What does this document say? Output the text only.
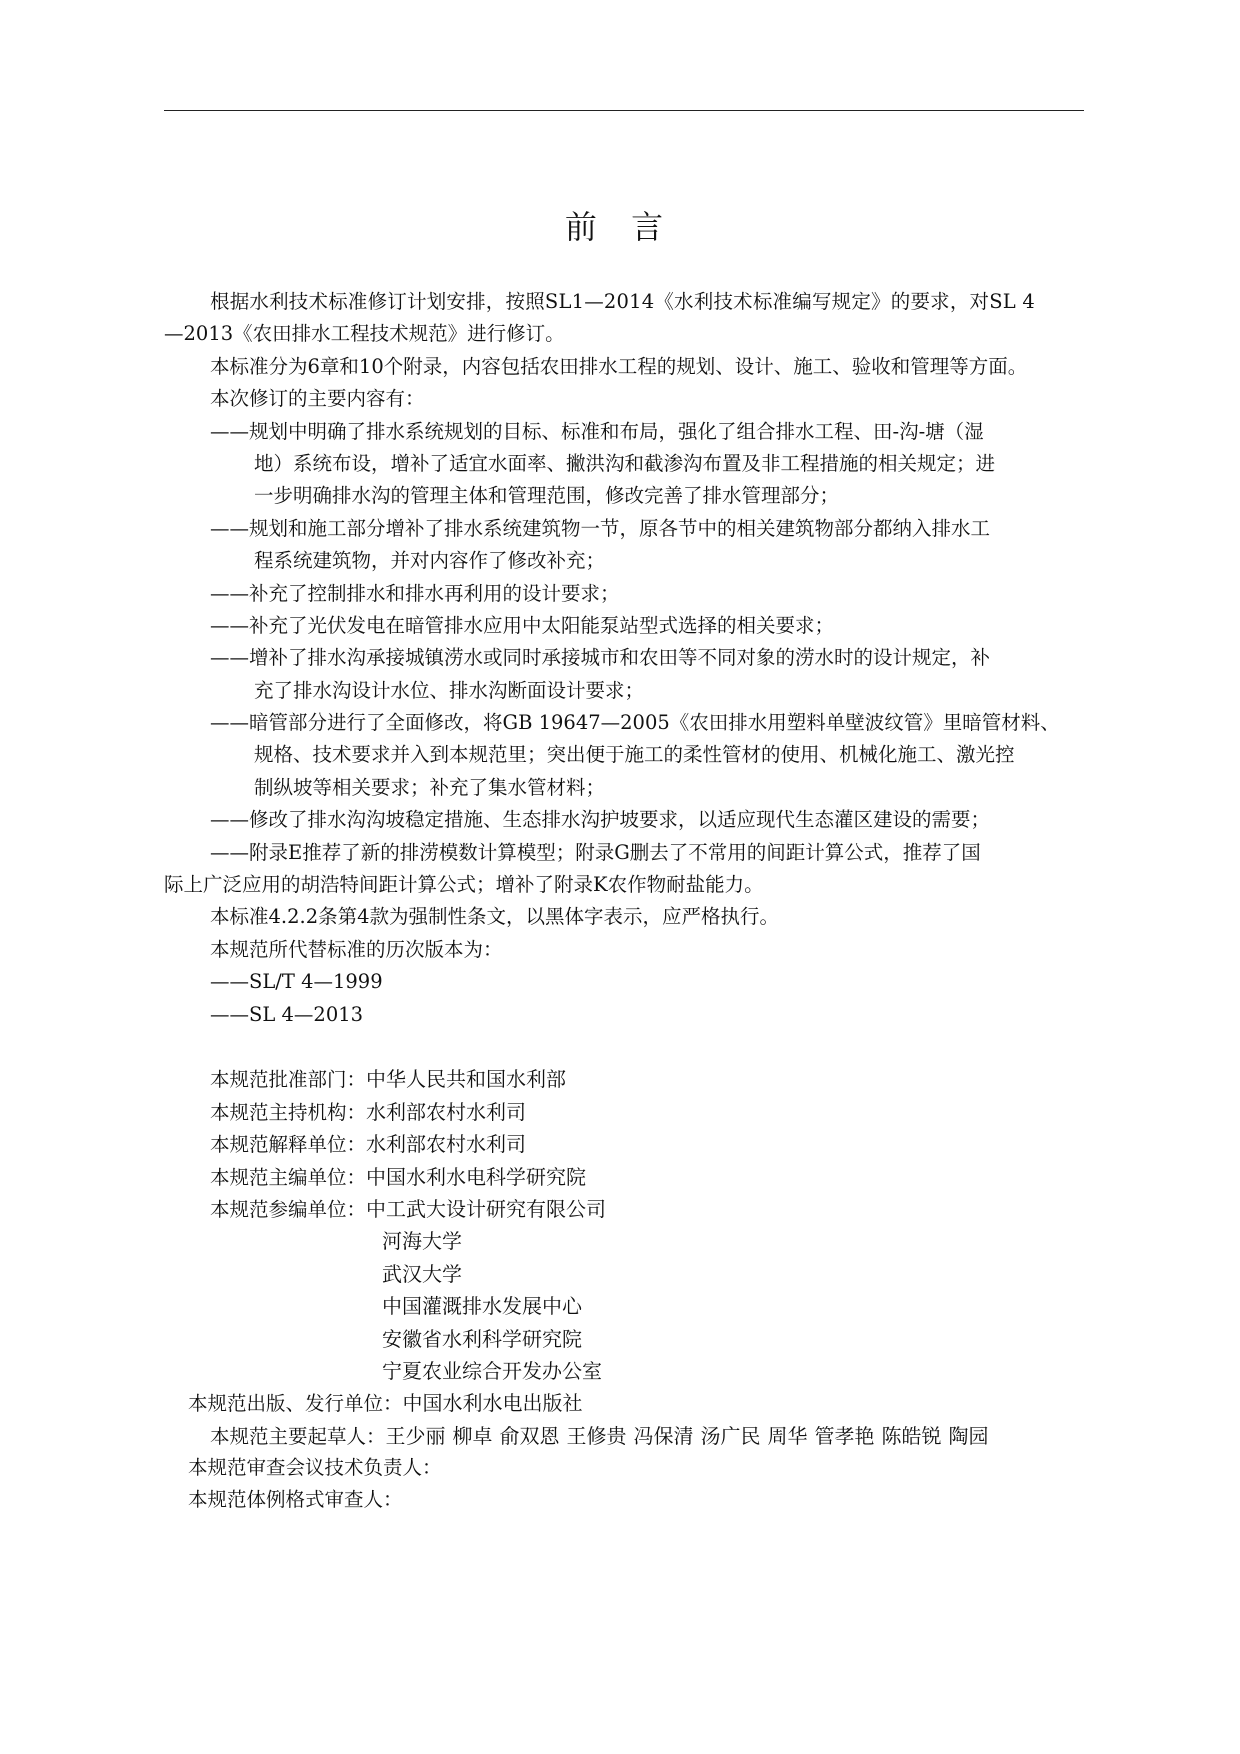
前 言
根据水利技术标准修订计划安排，按照SL1—2014《水利技术标准编写规定》的要求，对SL 4
—2013《农田排水工程技术规范》进行修订。
本标准分为6章和10个附录，内容包括农田排水工程的规划、设计、施工、验收和管理等方面。
本次修订的主要内容有：
——规划中明确了排水系统规划的目标、标准和布局，强化了组合排水工程、田-沟-塘（湿
地）系统布设，增补了适宜水面率、撇洪沟和截渗沟布置及非工程措施的相关规定；进
一步明确排水沟的管理主体和管理范围，修改完善了排水管理部分；
——规划和施工部分增补了排水系统建筑物一节，原各节中的相关建筑物部分都纳入排水工
程系统建筑物，并对内容作了修改补充；
——补充了控制排水和排水再利用的设计要求；
——补充了光伏发电在暗管排水应用中太阳能泵站型式选择的相关要求；
——增补了排水沟承接城镇涝水或同时承接城市和农田等不同对象的涝水时的设计规定，补
充了排水沟设计水位、排水沟断面设计要求；
——暗管部分进行了全面修改，将GB 19647—2005《农田排水用塑料单壁波纹管》里暗管材料、
规格、技术要求并入到本规范里；突出便于施工的柔性管材的使用、机械化施工、激光控
制纵坡等相关要求；补充了集水管材料；
——修改了排水沟沟坡稳定措施、生态排水沟护坡要求，以适应现代生态灌区建设的需要；
——附录E推荐了新的排涝模数计算模型；附录G删去了不常用的间距计算公式，推荐了国
际上广泛应用的胡浩特间距计算公式；增补了附录K农作物耐盐能力。
本标准4.2.2条第4款为强制性条文，以黑体字表示，应严格执行。
本规范所代替标准的历次版本为：
——SL/T 4—1999
——SL 4—2013
本规范批准部门：中华人民共和国水利部
本规范主持机构：水利部农村水利司
本规范解释单位：水利部农村水利司
本规范主编单位：中国水利水电科学研究院
本规范参编单位：中工武大设计研究有限公司
河海大学
武汉大学
中国灌溉排水发展中心
安徽省水利科学研究院
宁夏农业综合开发办公室
本规范出版、发行单位：中国水利水电出版社
本规范主要起草人：王少丽 柳卓 俞双恩 王修贵 冯保清 汤广民 周华 管孝艳 陈皓锐 陶园
本规范审查会议技术负责人：
本规范体例格式审查人：
